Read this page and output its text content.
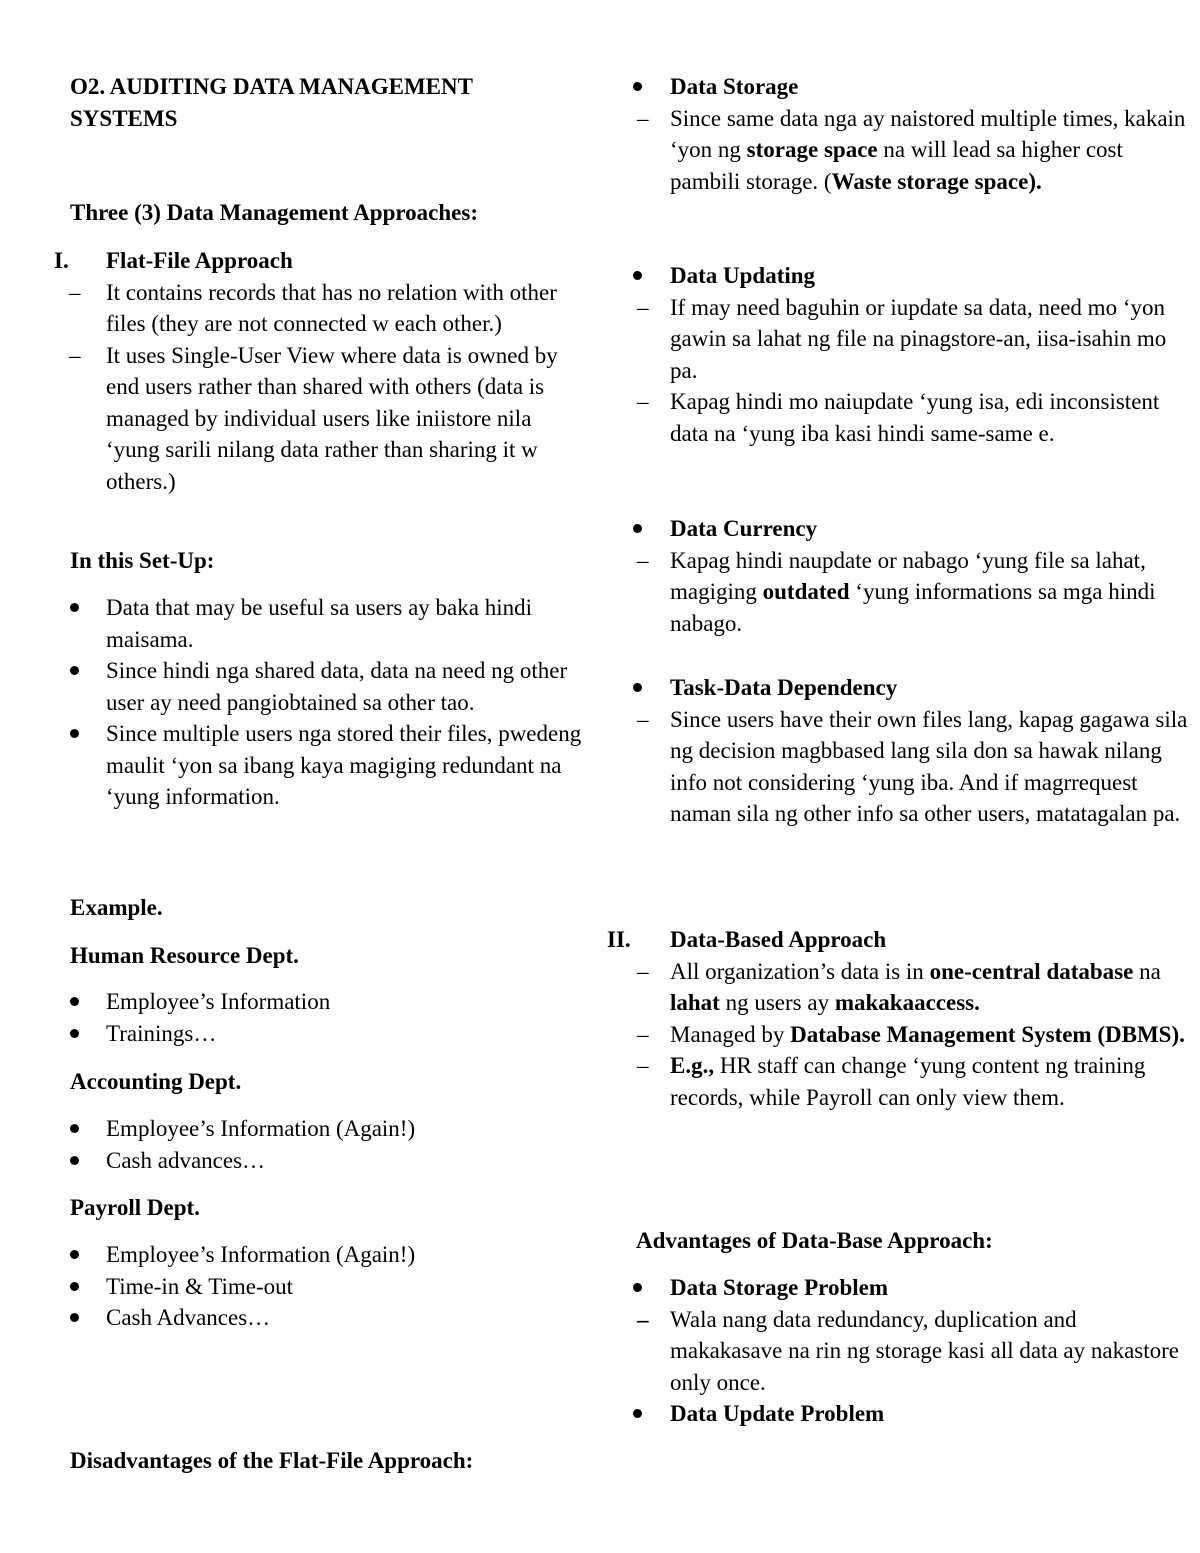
O2. AUDITING DATA MANAGEMENT
SYSTEMS
Three (3) Data Management Approaches:
I. Flat-File Approach
– It contains records that has no relation with other files (they are not connected w each other.)
– It uses Single-User View where data is owned by end users rather than shared with others (data is managed by individual users like iniistore nila ‘yung sarili nilang data rather than sharing it w others.)
In this Set-Up:
Data that may be useful sa users ay baka hindi maisama.
Since hindi nga shared data, data na need ng other user ay need pangiobtained sa other tao.
Since multiple users nga stored their files, pwedeng maulit ‘yon sa ibang kaya magiging redundant na ‘yung information.
Example.
Human Resource Dept.
Employee’s Information
Trainings…
Accounting Dept.
Employee’s Information (Again!)
Cash advances…
Payroll Dept.
Employee’s Information (Again!)
Time-in & Time-out
Cash Advances…
Disadvantages of the Flat-File Approach:
Data Storage
– Since same data nga ay naistored multiple times, kakain ‘yon ng storage space na will lead sa higher cost pambili storage. (Waste storage space).
Data Updating
– If may need baguhin or iupdate sa data, need mo ‘yon gawin sa lahat ng file na pinagstore-an, iisa-isahin mo pa.
– Kapag hindi mo naiupdate ‘yung isa, edi inconsistent data na ‘yung iba kasi hindi same-same e.
Data Currency
– Kapag hindi naupdate or nabago ‘yung file sa lahat, magiging outdated ‘yung informations sa mga hindi nabago.
Task-Data Dependency
– Since users have their own files lang, kapag gagawa sila ng decision magbbased lang sila don sa hawak nilang info not considering ‘yung iba. And if magrrequest naman sila ng other info sa other users, matatagalan pa.
II. Data-Based Approach
– All organization’s data is in one-central database na lahat ng users ay makakaaccess.
– Managed by Database Management System (DBMS).
– E.g., HR staff can change ‘yung content ng training records, while Payroll can only view them.
Advantages of Data-Base Approach:
Data Storage Problem
– Wala nang data redundancy, duplication and makakasave na rin ng storage kasi all data ay nakastore only once.
Data Update Problem
